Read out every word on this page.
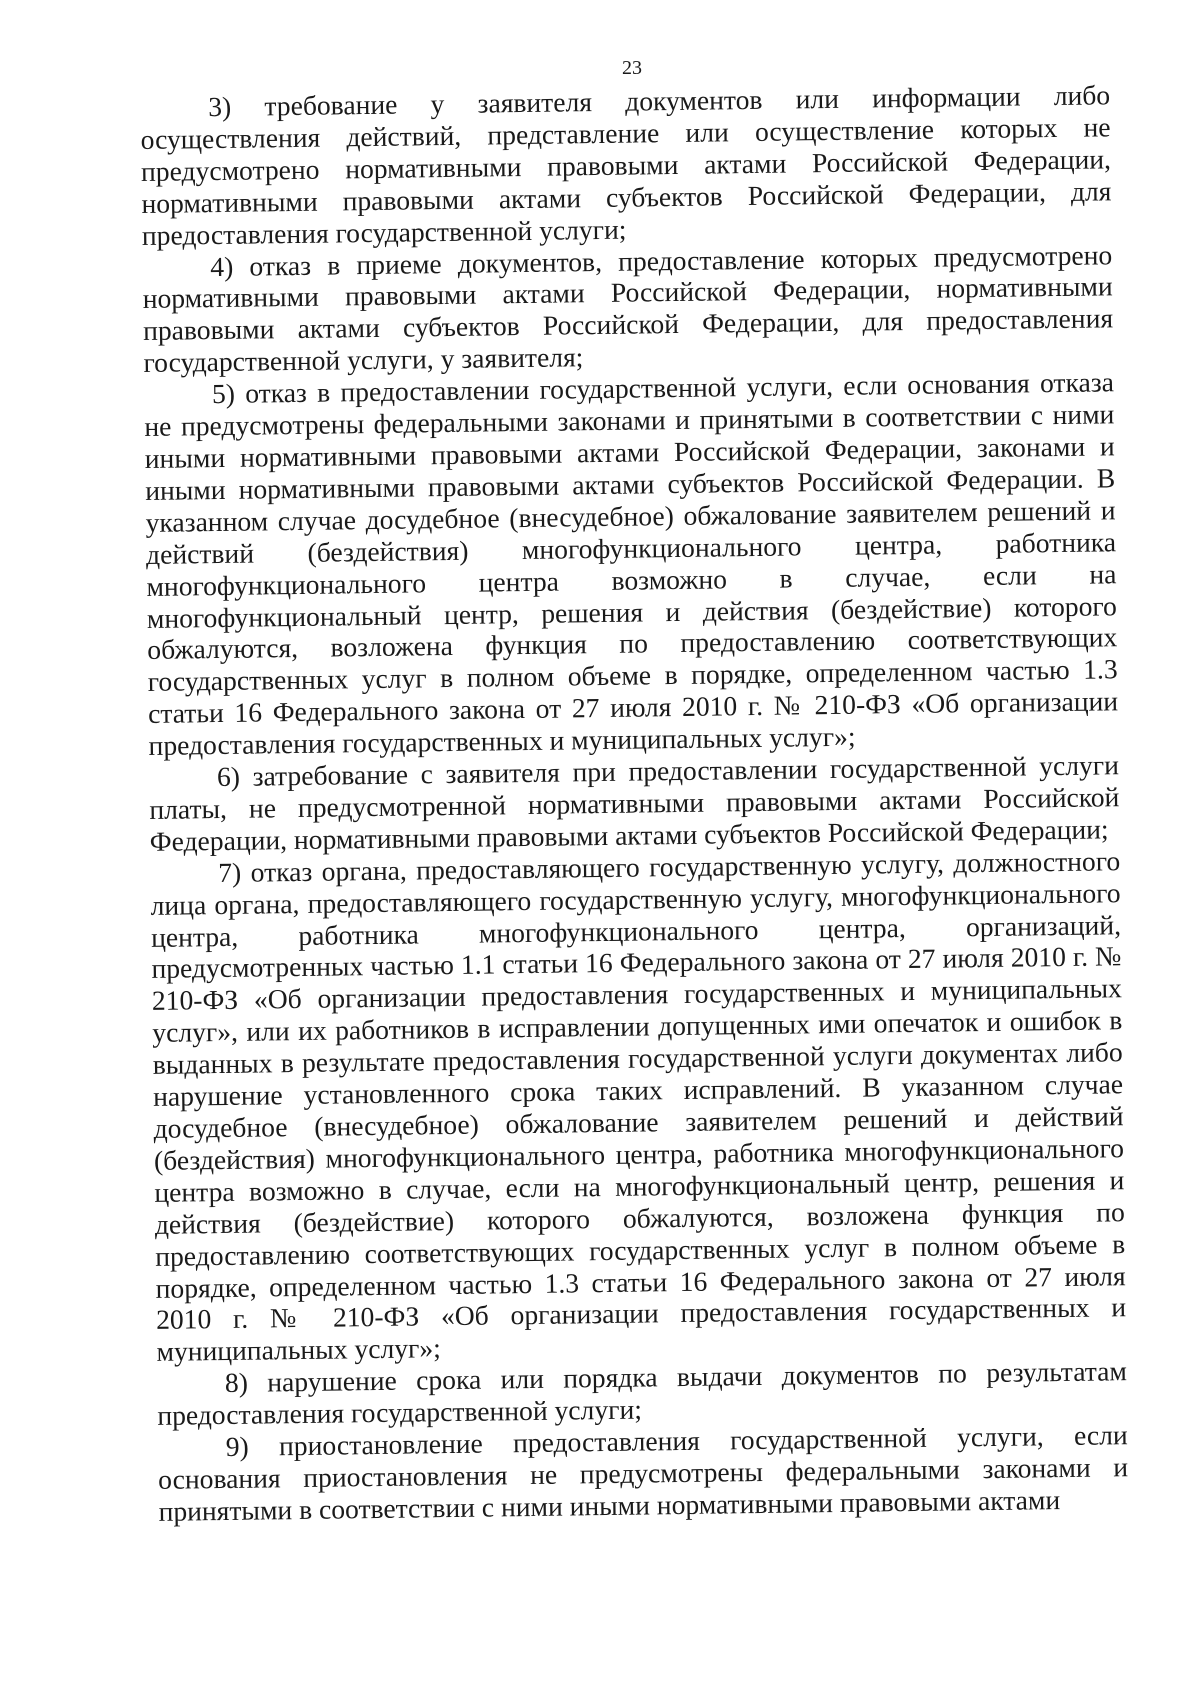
23

3) требование у заявителя документов или информации либо осуществления действий, представление или осуществление которых не предусмотрено нормативными правовыми актами Российской Федерации, нормативными правовыми актами субъектов Российской Федерации, для предоставления государственной услуги;

4) отказ в приеме документов, предоставление которых предусмотрено нормативными правовыми актами Российской Федерации, нормативными правовыми актами субъектов Российской Федерации, для предоставления государственной услуги, у заявителя;

5) отказ в предоставлении государственной услуги, если основания отказа не предусмотрены федеральными законами и принятыми в соответствии с ними иными нормативными правовыми актами Российской Федерации, законами и иными нормативными правовыми актами субъектов Российской Федерации. В указанном случае досудебное (внесудебное) обжалование заявителем решений и действий (бездействия) многофункционального центра, работника многофункционального центра возможно в случае, если на многофункциональный центр, решения и действия (бездействие) которого обжалуются, возложена функция по предоставлению соответствующих государственных услуг в полном объеме в порядке, определенном частью 1.3 статьи 16 Федерального закона от 27 июля 2010 г. № 210-ФЗ «Об организации предоставления государственных и муниципальных услуг»;

6) затребование с заявителя при предоставлении государственной услуги платы, не предусмотренной нормативными правовыми актами Российской Федерации, нормативными правовыми актами субъектов Российской Федерации;

7) отказ органа, предоставляющего государственную услугу, должностного лица органа, предоставляющего государственную услугу, многофункционального центра, работника многофункционального центра, организаций, предусмотренных частью 1.1 статьи 16 Федерального закона от 27 июля 2010 г. № 210-ФЗ «Об организации предоставления государственных и муниципальных услуг», или их работников в исправлении допущенных ими опечаток и ошибок в выданных в результате предоставления государственной услуги документах либо нарушение установленного срока таких исправлений. В указанном случае досудебное (внесудебное) обжалование заявителем решений и действий (бездействия) многофункционального центра, работника многофункционального центра возможно в случае, если на многофункциональный центр, решения и действия (бездействие) которого обжалуются, возложена функция по предоставлению соответствующих государственных услуг в полном объеме в порядке, определенном частью 1.3 статьи 16 Федерального закона от 27 июля 2010 г. № 210-ФЗ «Об организации предоставления государственных и муниципальных услуг»;

8) нарушение срока или порядка выдачи документов по результатам предоставления государственной услуги;

9) приостановление предоставления государственной услуги, если основания приостановления не предусмотрены федеральными законами и принятыми в соответствии с ними иными нормативными правовыми актами
